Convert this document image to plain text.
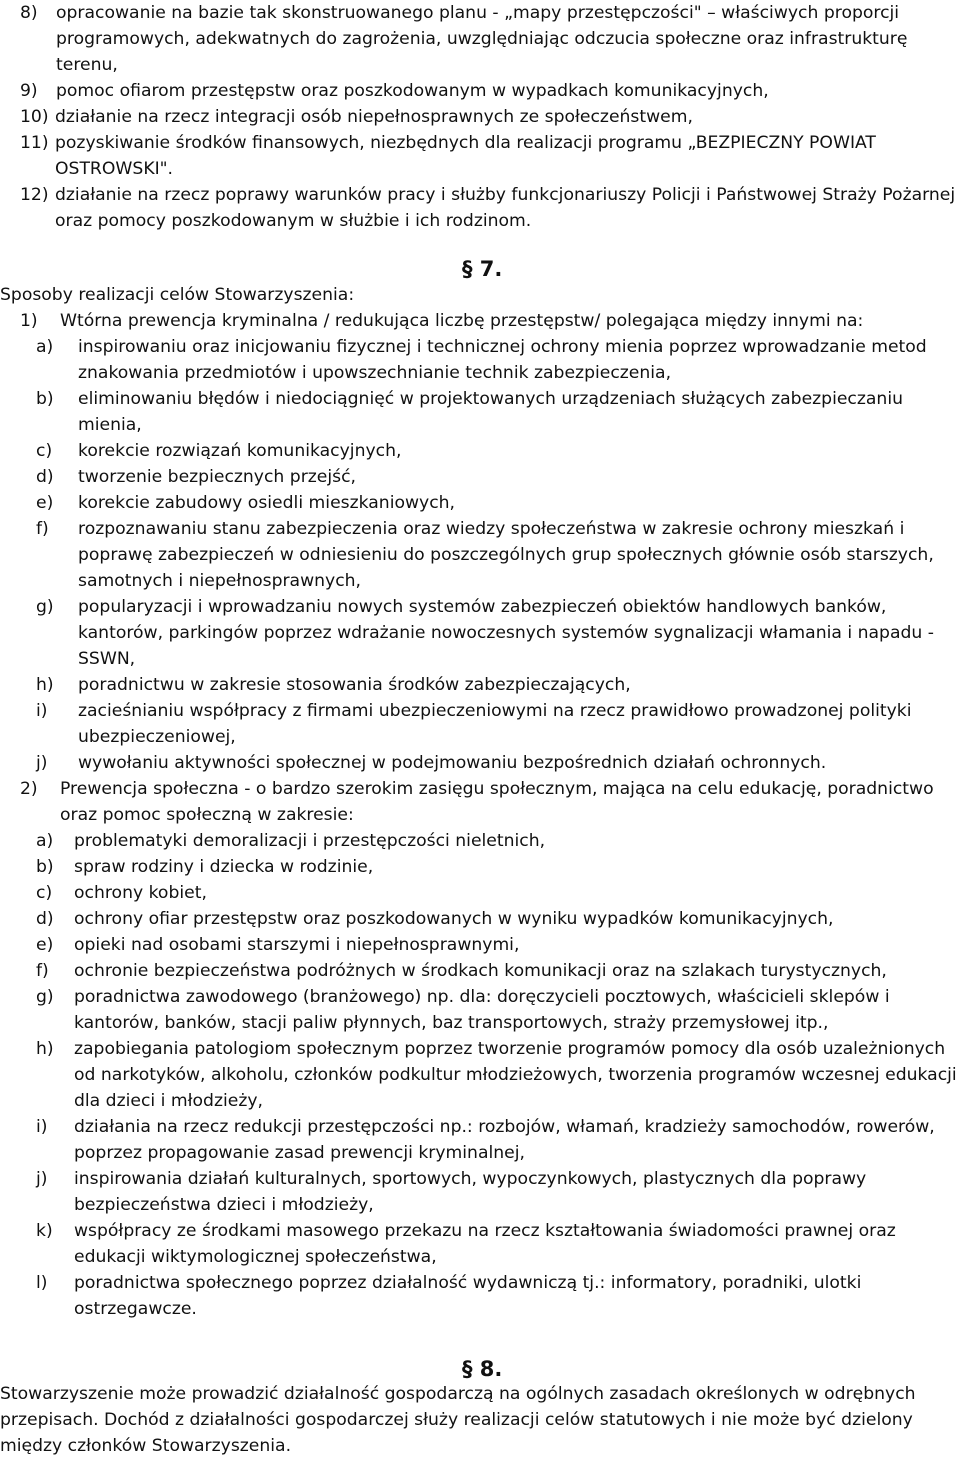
8)	opracowanie na bazie tak skonstruowanego planu - „mapy przestępczości" – właściwych proporcji programowych, adekwatnych do zagrożenia, uwzględniając odczucia społeczne oraz infrastrukturę terenu,
9)	pomoc ofiarom przestępstw oraz poszkodowanym w wypadkach komunikacyjnych,
10) działanie na rzecz integracji osób niepełnosprawnych ze społeczeństwem,
11) pozyskiwanie środków finansowych, niezbędnych dla realizacji programu „BEZPIECZNY POWIAT OSTROWSKI".
12) działanie na rzecz poprawy warunków pracy i służby funkcjonariuszy Policji i Państwowej Straży Pożarnej oraz pomocy poszkodowanym w służbie i ich rodzinom.
§ 7.
Sposoby realizacji celów Stowarzyszenia:
1)	Wtórna prewencja kryminalna / redukująca liczbę przestępstw/ polegająca między innymi na:
a)	inspirowaniu oraz inicjowaniu fizycznej i technicznej ochrony mienia poprzez wprowadzanie metod znakowania przedmiotów i upowszechnianie technik zabezpieczenia,
b)	eliminowaniu błędów i niedociągnięć w projektowanych urządzeniach służących zabezpieczaniu mienia,
c)	korekcie rozwiązań komunikacyjnych,
d)	tworzenie bezpiecznych przejść,
e)	korekcie zabudowy osiedli mieszkaniowych,
f)	rozpoznawaniu stanu zabezpieczenia oraz wiedzy społeczeństwa w zakresie ochrony mieszkań i poprawę zabezpieczeń w odniesieniu do poszczególnych grup społecznych głównie osób starszych, samotnych i niepełnosprawnych,
g)	popularyzacji i wprowadzaniu nowych systemów zabezpieczeń obiektów handlowych banków, kantorów, parkingów poprzez wdrażanie nowoczesnych systemów sygnalizacji włamania i napadu - SSWN,
h)	poradnictwu w zakresie stosowania środków zabezpieczających,
i)	zacieśnianiu współpracy z firmami ubezpieczeniowymi na rzecz prawidłowo prowadzonej polityki ubezpieczeniowej,
j)	wywołaniu aktywności społecznej w podejmowaniu bezpośrednich działań ochronnych.
2)	Prewencja społeczna - o bardzo szerokim zasięgu społecznym, mająca na celu edukację, poradnictwo oraz pomoc społeczną w zakresie:
a)	problematyki demoralizacji i przestępczości nieletnich,
b)	spraw rodziny i dziecka w rodzinie,
c)	ochrony kobiet,
d)	ochrony ofiar przestępstw oraz poszkodowanych w wyniku wypadków komunikacyjnych,
e)	opieki nad osobami starszymi i niepełnosprawnymi,
f)	ochronie bezpieczeństwa podróżnych w środkach komunikacji oraz na szlakach turystycznych,
g)	poradnictwa zawodowego (branżowego) np. dla: doręczycieli pocztowych, właścicieli sklepów i kantorów, banków, stacji paliw płynnych, baz transportowych, straży przemysłowej itp.,
h)	zapobiegania patologiom społecznym poprzez tworzenie programów pomocy dla osób uzależnionych od narkotyków, alkoholu, członków podkultur młodzieżowych, tworzenia programów wczesnej edukacji dla dzieci i młodzieży,
i)	działania na rzecz redukcji przestępczości np.: rozbojów, włamań, kradzieży samochodów, rowerów, poprzez propagowanie zasad prewencji kryminalnej,
j)	inspirowania działań kulturalnych, sportowych, wypoczynkowych, plastycznych dla poprawy bezpieczeństwa dzieci i młodzieży,
k)	współpracy ze środkami masowego przekazu na rzecz kształtowania świadomości prawnej oraz edukacji wiktymologicznej społeczeństwa,
l)	poradnictwa społecznego poprzez działalność wydawniczą tj.: informatory, poradniki, ulotki ostrzegawcze.
§ 8.
Stowarzyszenie może prowadzić działalność gospodarczą na ogólnych zasadach określonych w odrębnych przepisach. Dochód z działalności gospodarczej służy realizacji celów statutowych i nie może być dzielony między członków Stowarzyszenia.
